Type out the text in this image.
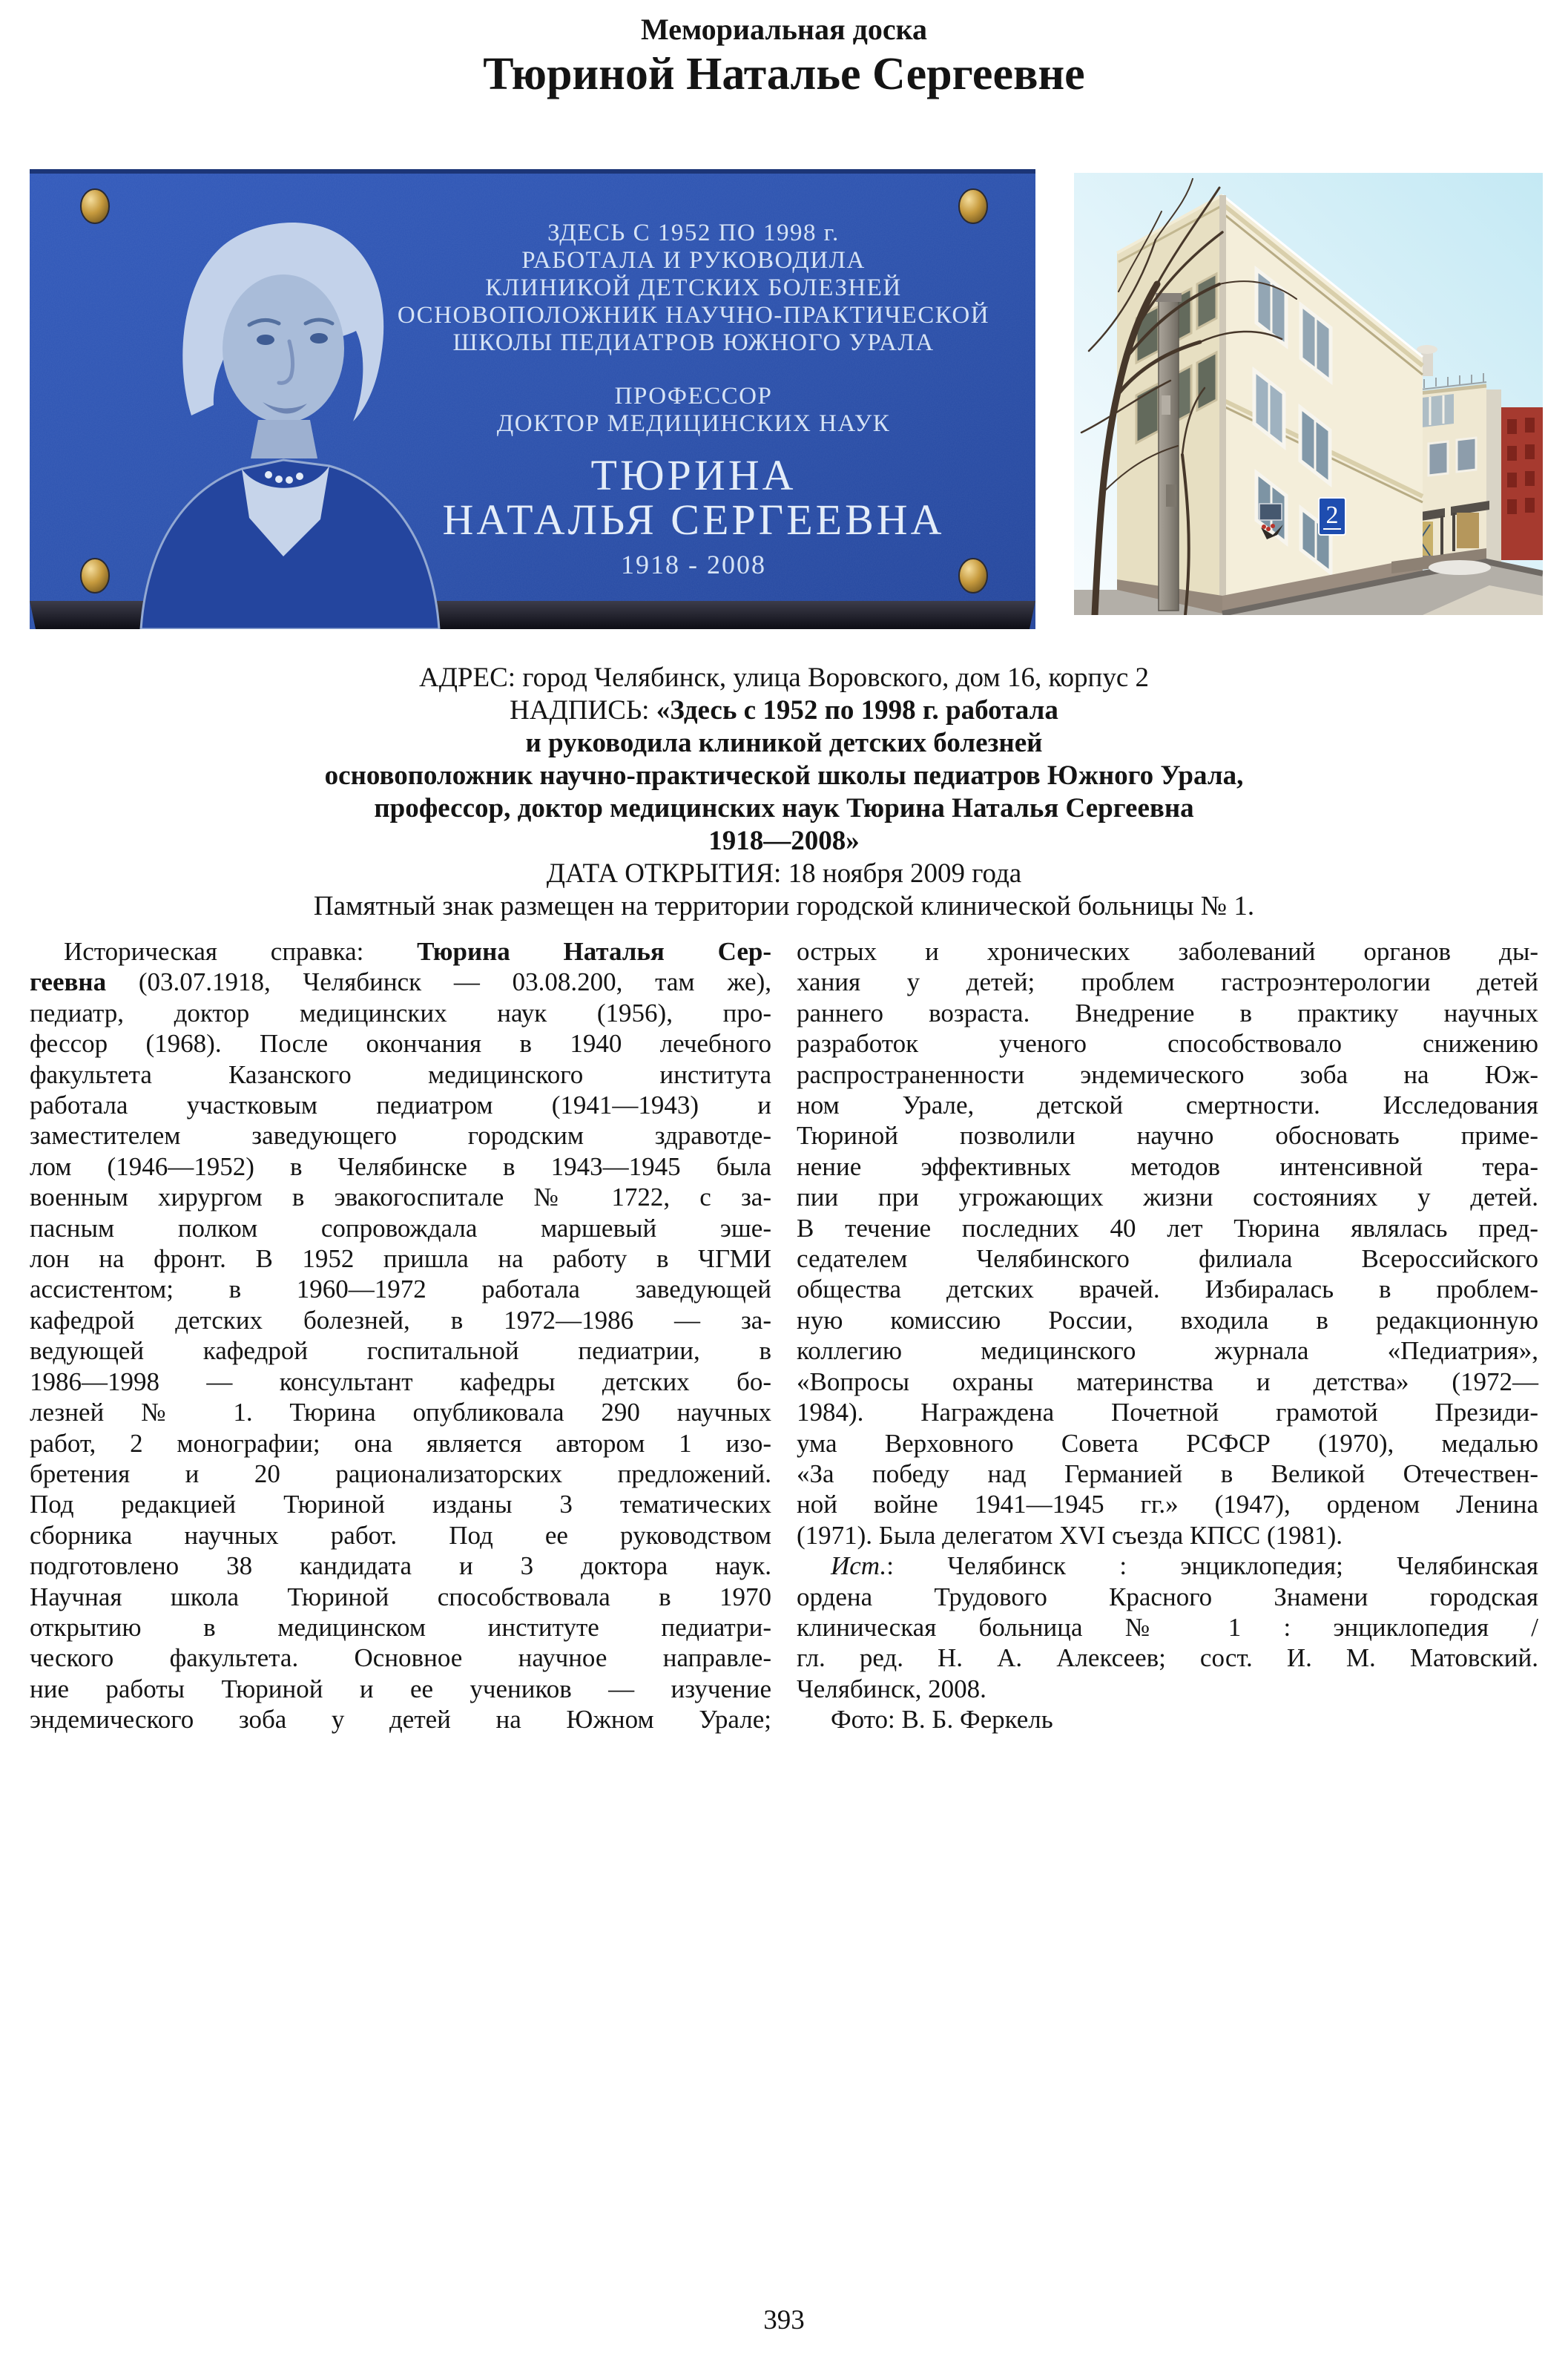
Мемориальная доска
Тюриной Наталье Сергеевне
ЗДЕСЬ С 1952 ПО 1998 г.
РАБОТАЛА И РУКОВОДИЛА
КЛИНИКОЙ ДЕТСКИХ БОЛЕЗНЕЙ
ОСНОВОПОЛОЖНИК НАУЧНО-ПРАКТИЧЕСКОЙ
ШКОЛЫ ПЕДИАТРОВ ЮЖНОГО УРАЛА
ПРОФЕССОР
ДОКТОР МЕДИЦИНСКИХ НАУК
ТЮРИНА
НАТАЛЬЯ СЕРГЕЕВНА
1918 - 2008
2
АДРЕС: город Челябинск, улица Воровского, дом 16, корпус 2
НАДПИСЬ: «Здесь с 1952 по 1998 г. работала
и руководила клиникой детских болезней
основоположник научно-практической школы педиатров Южного Урала,
профессор, доктор медицинских наук Тюрина Наталья Сергеевна
1918—2008»
ДАТА ОТКРЫТИЯ: 18 ноября 2009 года
Памятный знак размещен на территории городской клинической больницы № 1.
Историческая справка: Тюрина Наталья Сер-
геевна (03.07.1918, Челябинск — 03.08.200, там же),
педиатр, доктор медицинских наук (1956), про-
фессор (1968). После окончания в 1940 лечебного
факультета Казанского медицинского института
работала участковым педиатром (1941—1943) и
заместителем заведующего городским здравотде-
лом (1946—1952) в Челябинске в 1943—1945 была
военным хирургом в эвакогоспитале № 1722, с за-
пасным полком сопровождала маршевый эше-
лон на фронт. В 1952 пришла на работу в ЧГМИ
ассистентом; в 1960—1972 работала заведующей
кафедрой детских болезней, в 1972—1986 — за-
ведующей кафедрой госпитальной педиатрии, в
1986—1998 — консультант кафедры детских бо-
лезней № 1. Тюрина опубликовала 290 научных
работ, 2 монографии; она является автором 1 изо-
бретения и 20 рационализаторских предложений.
Под редакцией Тюриной изданы 3 тематических
сборника научных работ. Под ее руководством
подготовлено 38 кандидата и 3 доктора наук.
Научная школа Тюриной способствовала в 1970
открытию в медицинском институте педиатри-
ческого факультета. Основное научное направле-
ние работы Тюриной и ее учеников — изучение
эндемического зоба у детей на Южном Урале;
острых и хронических заболеваний органов ды-
хания у детей; проблем гастроэнтерологии детей
раннего возраста. Внедрение в практику научных
разработок ученого способствовало снижению
распространенности эндемического зоба на Юж-
ном Урале, детской смертности. Исследования
Тюриной позволили научно обосновать приме-
нение эффективных методов интенсивной тера-
пии при угрожающих жизни состояниях у детей.
В течение последних 40 лет Тюрина являлась пред-
седателем Челябинского филиала Всероссийского
общества детских врачей. Избиралась в проблем-
ную комиссию России, входила в редакционную
коллегию медицинского журнала «Педиатрия»,
«Вопросы охраны материнства и детства» (1972—
1984). Награждена Почетной грамотой Президи-
ума Верховного Совета РСФСР (1970), медалью
«За победу над Германией в Великой Отечествен-
ной войне 1941—1945 гг.» (1947), орденом Ленина
(1971). Была делегатом XVI съезда КПСС (1981).
Ист.: Челябинск : энциклопедия; Челябинская
ордена Трудового Красного Знамени городская
клиническая больница № 1 : энциклопедия /
гл. ред. Н. А. Алексеев; сост. И. М. Матовский.
Челябинск, 2008.
Фото: В. Б. Феркель
393
